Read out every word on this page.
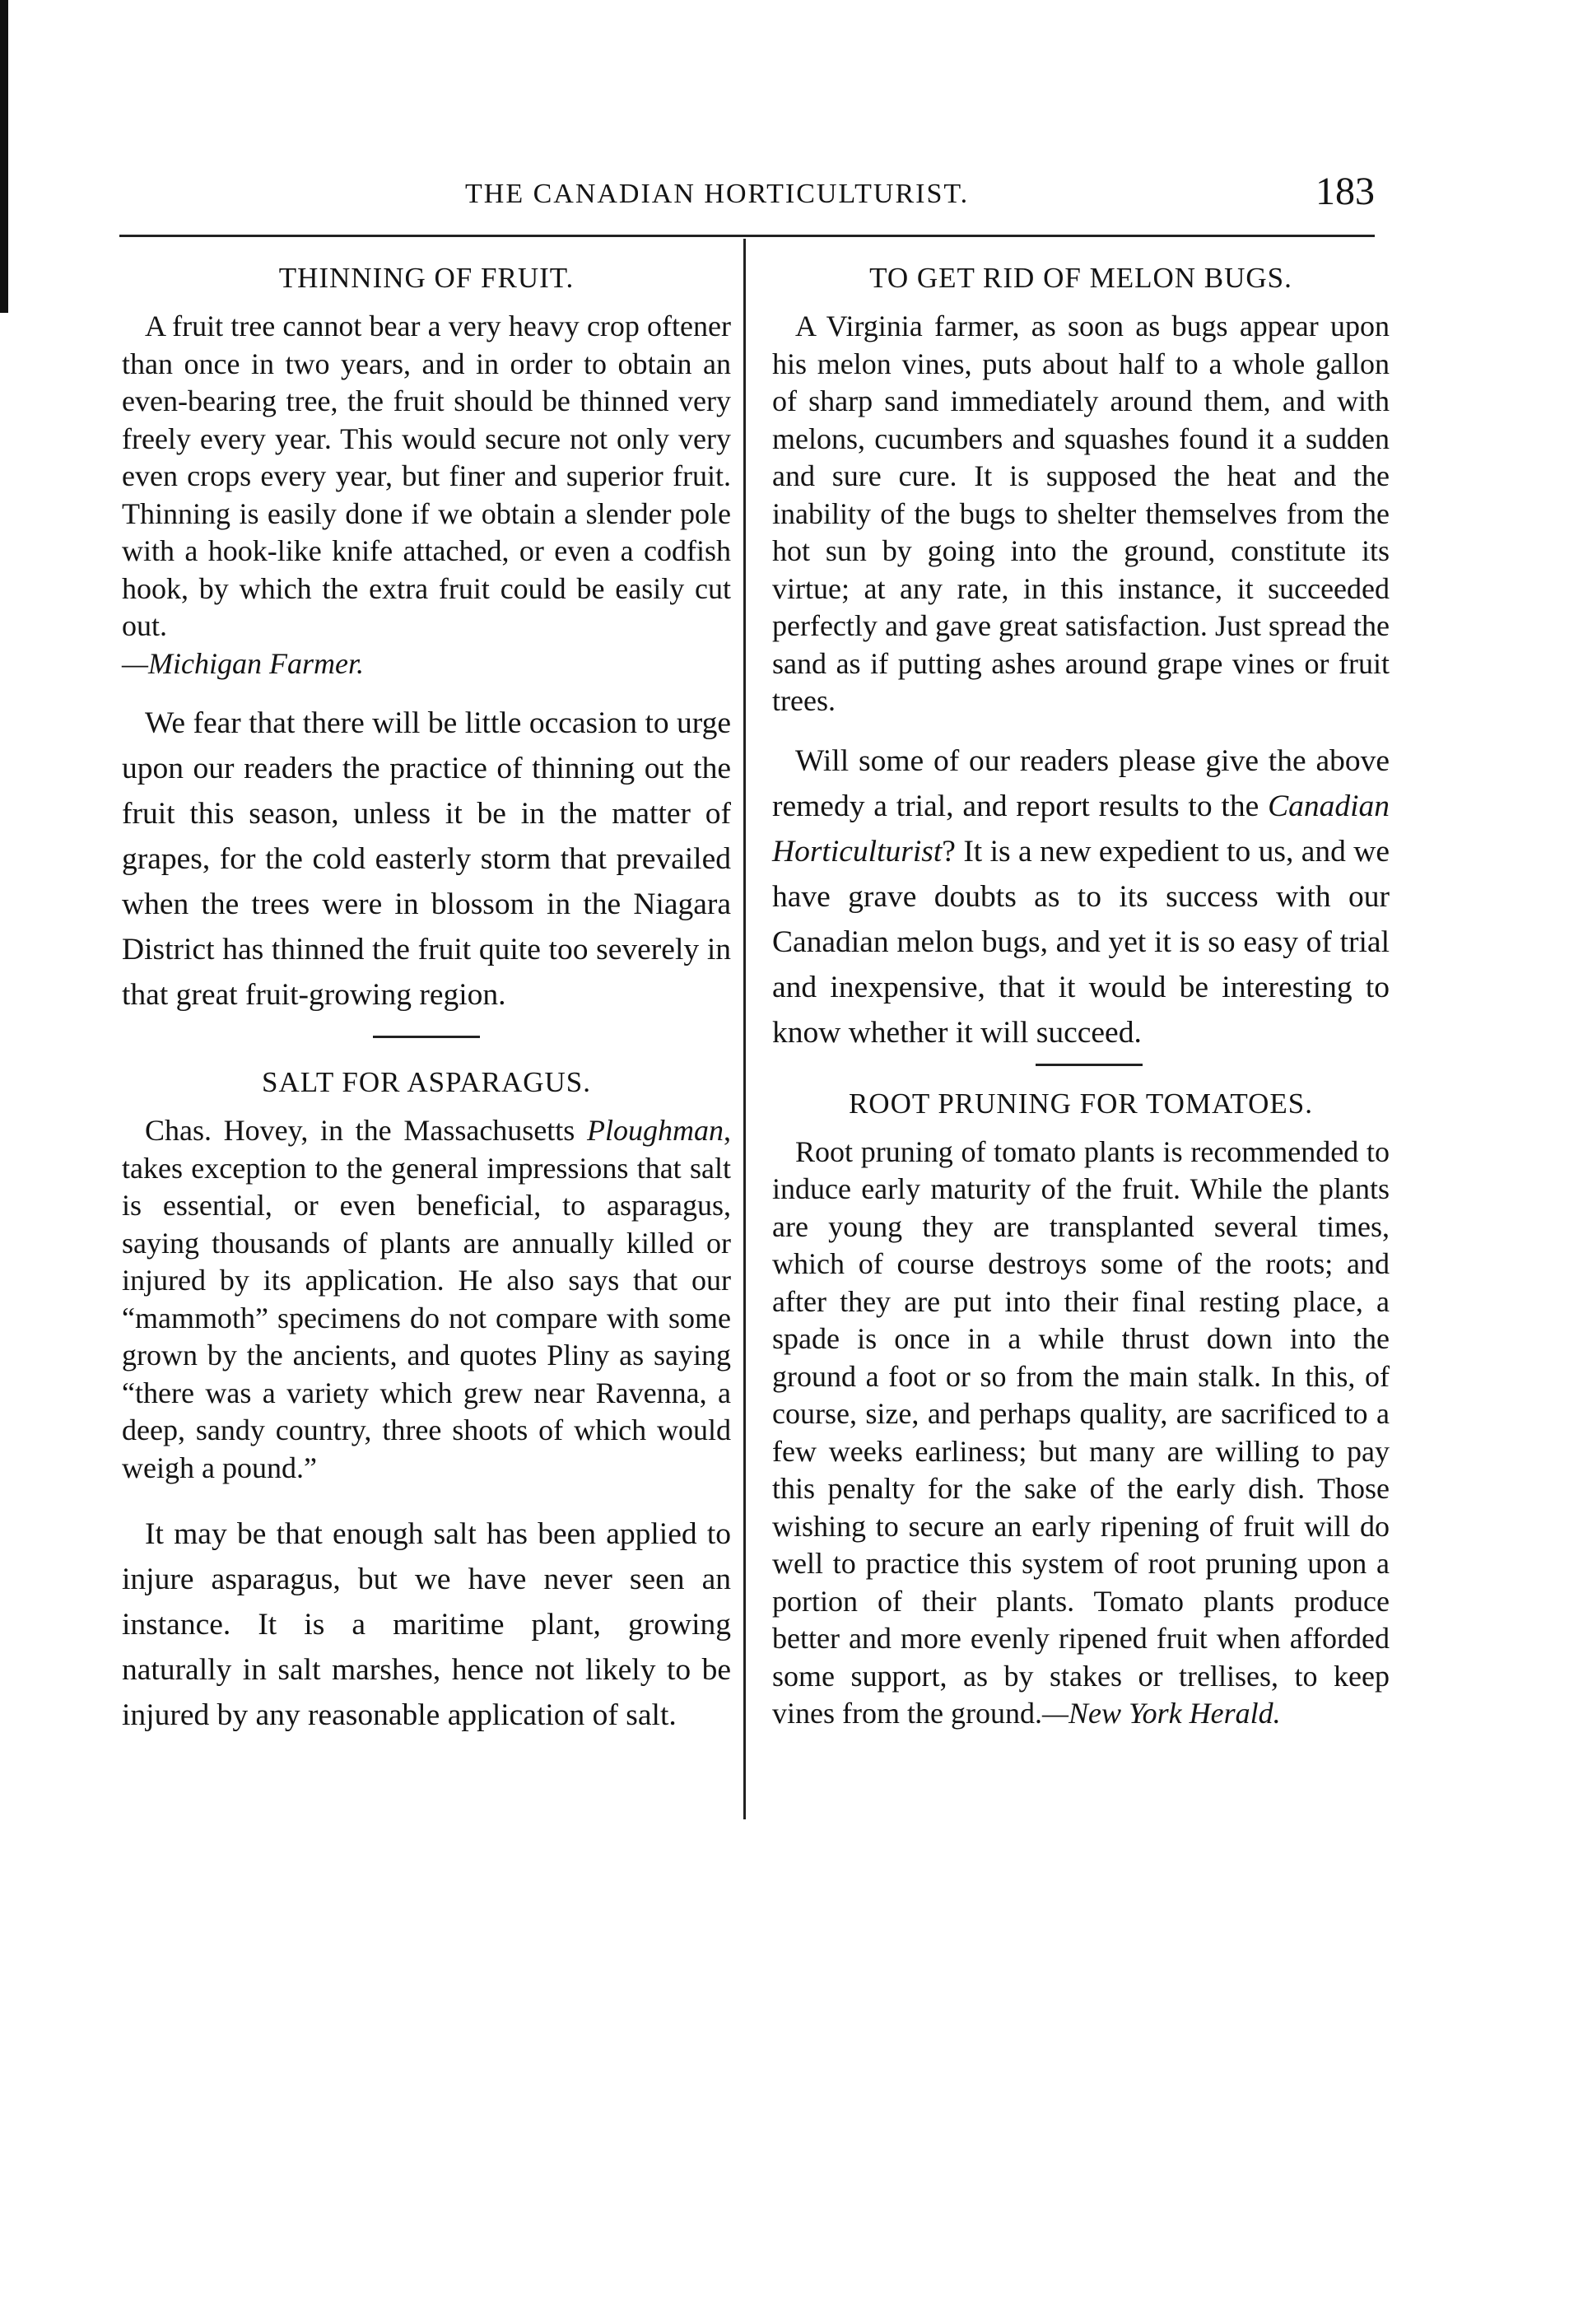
THE CANADIAN HORTICULTURIST.	183
THINNING OF FRUIT.

A fruit tree cannot bear a very heavy crop oftener than once in two years, and in order to obtain an even-bearing tree, the fruit should be thinned very freely every year. This would secure not only very even crops every year, but finer and superior fruit. Thinning is easily done if we obtain a slender pole with a hook-like knife attached, or even a codfish hook, by which the extra fruit could be easily cut out.

—Michigan Farmer.

We fear that there will be little occasion to urge upon our readers the practice of thinning out the fruit this season, unless it be in the matter of grapes, for the cold easterly storm that prevailed when the trees were in blossom in the Niagara District has thinned the fruit quite too severely in that great fruit-growing region.

SALT FOR ASPARAGUS.

Chas. Hovey, in the Massachusetts Ploughman, takes exception to the general impressions that salt is essential, or even beneficial, to asparagus, saying thousands of plants are annually killed or injured by its application. He also says that our “mammoth” specimens do not compare with some grown by the ancients, and quotes Pliny as saying “there was a variety which grew near Ravenna, a deep, sandy country, three shoots of which would weigh a pound.”

It may be that enough salt has been applied to injure asparagus, but we have never seen an instance. It is a maritime plant, growing naturally in salt marshes, hence not likely to be injured by any reasonable application of salt.

TO GET RID OF MELON BUGS.

A Virginia farmer, as soon as bugs appear upon his melon vines, puts about half to a whole gallon of sharp sand immediately around them, and with melons, cucumbers and squashes found it a sudden and sure cure. It is supposed the heat and the inability of the bugs to shelter themselves from the hot sun by going into the ground, constitute its virtue; at any rate, in this instance, it succeeded perfectly and gave great satisfaction. Just spread the sand as if putting ashes around grape vines or fruit trees.

Will some of our readers please give the above remedy a trial, and report results to the Canadian Horticulturist? It is a new expedient to us, and we have grave doubts as to its success with our Canadian melon bugs, and yet it is so easy of trial and inexpensive, that it would be interesting to know whether it will succeed.

ROOT PRUNING FOR TOMATOES.

Root pruning of tomato plants is recommended to induce early maturity of the fruit. While the plants are young they are transplanted several times, which of course destroys some of the roots; and after they are put into their final resting place, a spade is once in a while thrust down into the ground a foot or so from the main stalk. In this, of course, size, and perhaps quality, are sacrificed to a few weeks earliness; but many are willing to pay this penalty for the sake of the early dish. Those wishing to secure an early ripening of fruit will do well to practice this system of root pruning upon a portion of their plants. Tomato plants produce better and more evenly ripened fruit when afforded some support, as by stakes or trellises, to keep vines from the ground.—New York Herald.
